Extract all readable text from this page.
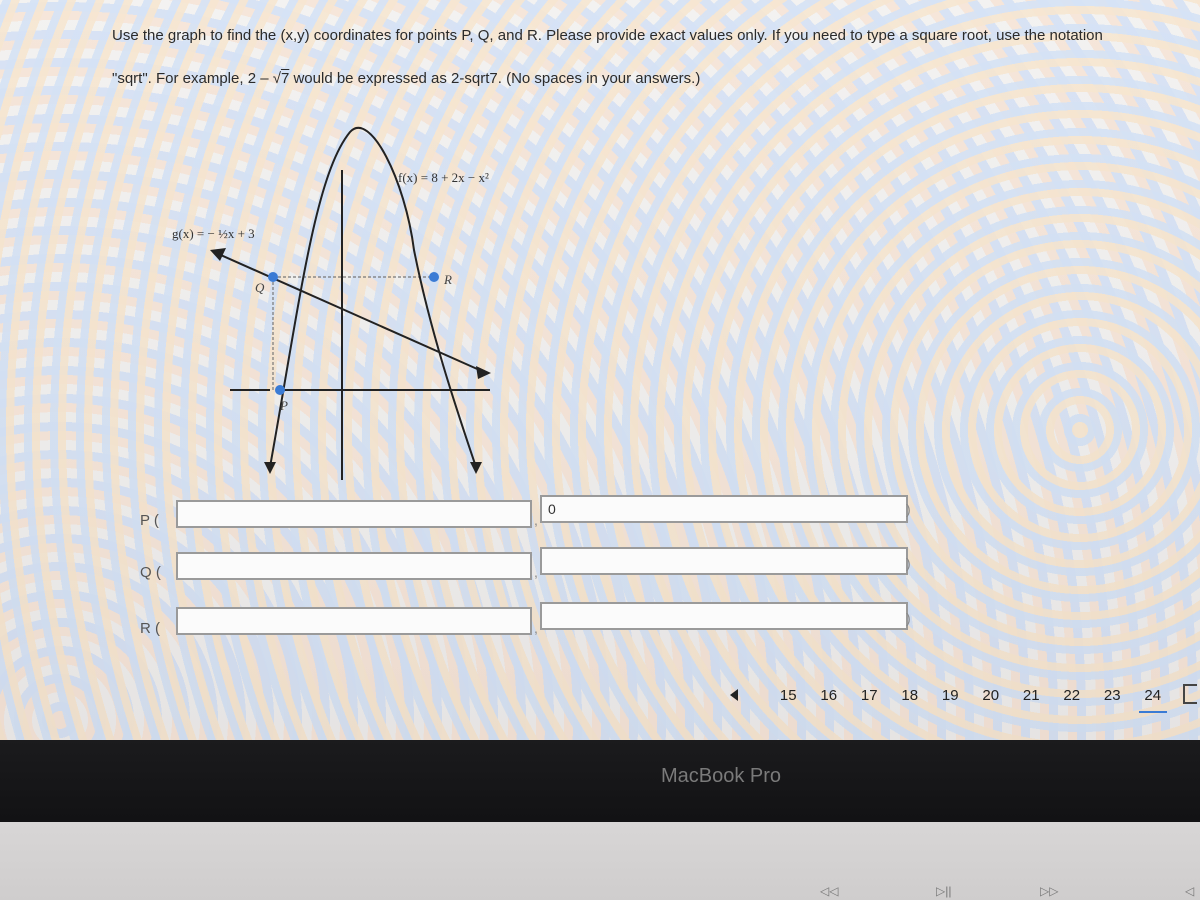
Use the graph to find the (x,y) coordinates for points P, Q, and R. Please provide exact values only. If you need to type a square root, use the notation
"sqrt". For example, 2 – √7 would be expressed as 2-sqrt7. (No spaces in your answers.)
f(x) = 8 + 2x − x²
g(x) = − ½x + 3
Q
R
P
P (	,
0	)
Q (	,
)
R (	,
)
15	16	17	18	19	20	21	22	23	24
MacBook Pro
◁◁	▷||	▷▷	◁
